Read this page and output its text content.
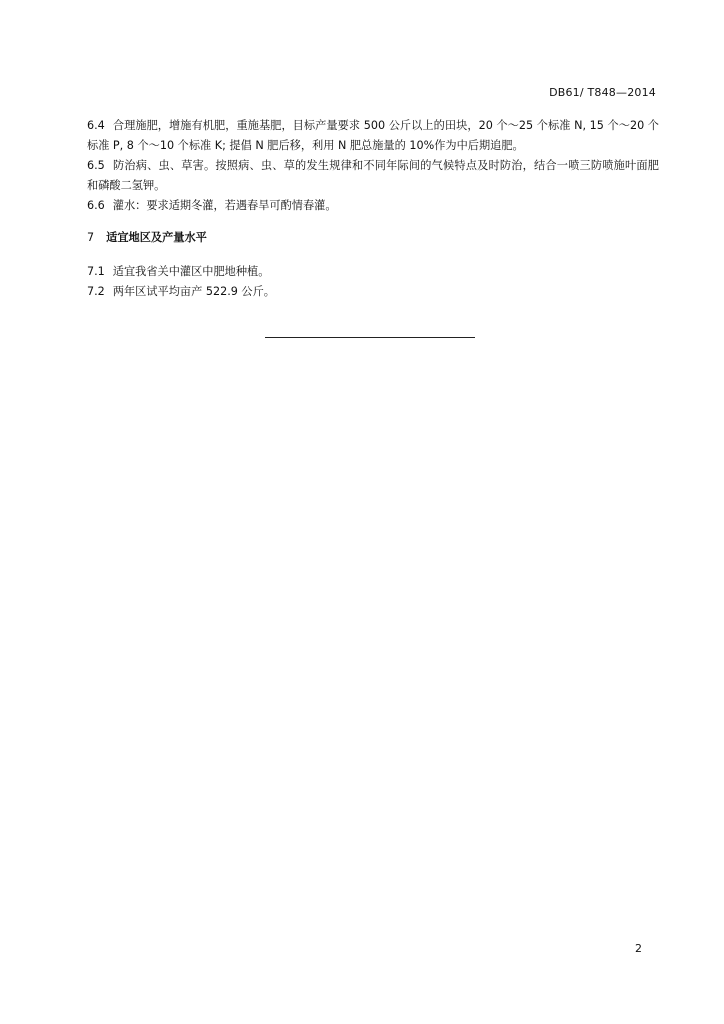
DB61/ T848—2014

6.4 合理施肥，增施有机肥，重施基肥，目标产量要求 500 公斤以上的田块，20 个～25 个标准 N, 15 个～20 个标准 P, 8 个～10 个标准 K; 提倡 N 肥后移，利用 N 肥总施量的 10%作为中后期追肥。

6.5 防治病、虫、草害。按照病、虫、草的发生规律和不同年际间的气候特点及时防治，结合一喷三防喷施叶面肥和磷酸二氢钾。

6.6 灌水：要求适期冬灌，若遇春旱可酌情春灌。

7 适宜地区及产量水平

7.1 适宜我省关中灌区中肥地种植。

7.2 两年区试平均亩产 522.9 公斤。

2
